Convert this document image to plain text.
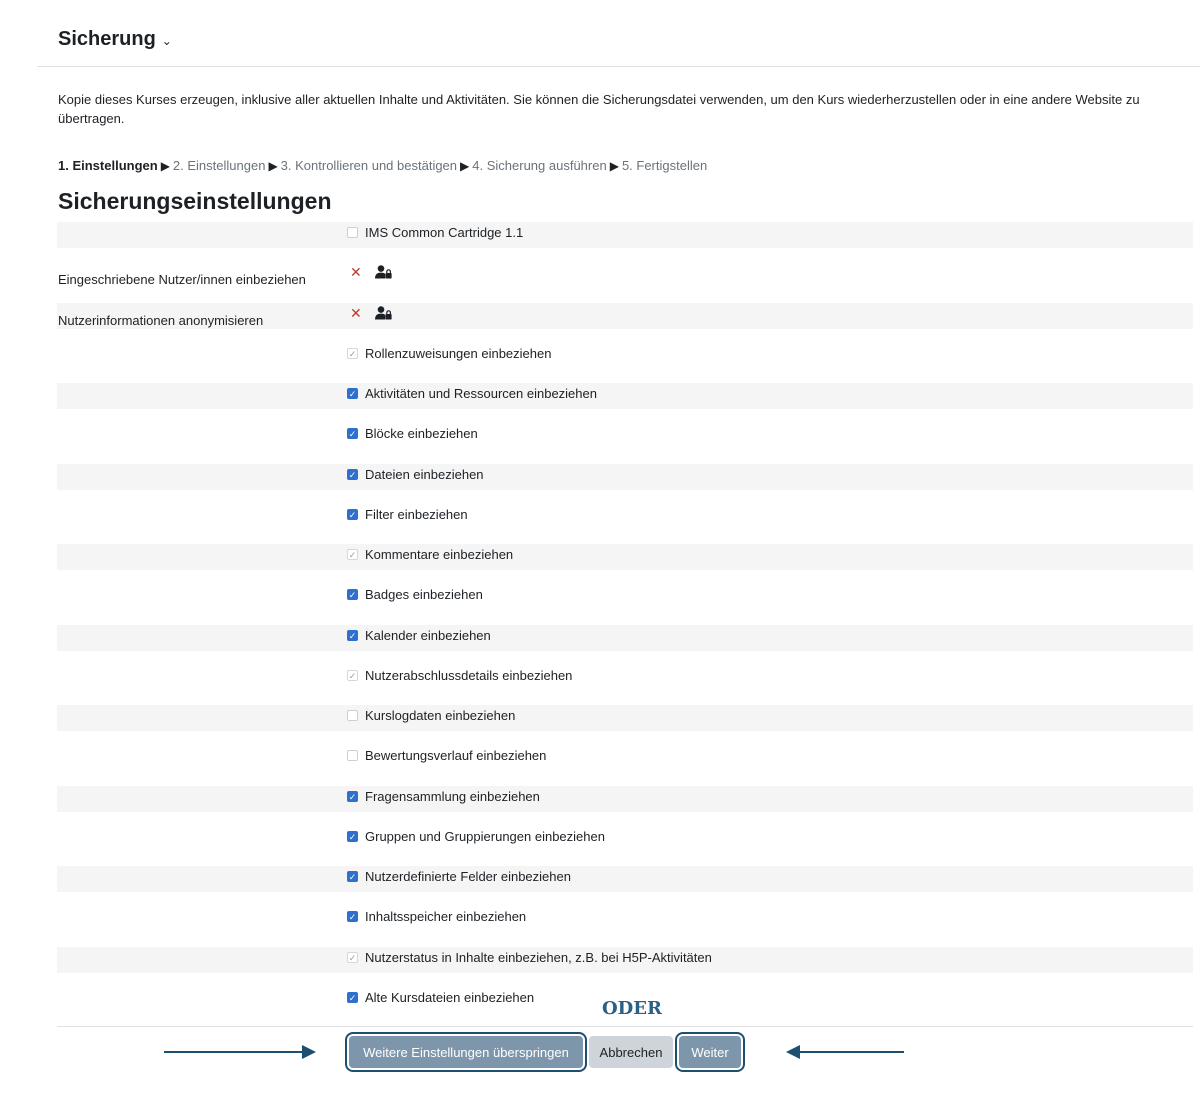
Sicherung ⌄
Kopie dieses Kurses erzeugen, inklusive aller aktuellen Inhalte und Aktivitäten. Sie können die Sicherungsdatei verwenden, um den Kurs wiederherzustellen oder in eine andere Website zu übertragen.
1. Einstellungen ▶ 2. Einstellungen ▶ 3. Kontrollieren und bestätigen ▶ 4. Sicherung ausführen ▶ 5. Fertigstellen
Sicherungseinstellungen
IMS Common Cartridge 1.1
Eingeschriebene Nutzer/innen einbeziehen	✕
Nutzerinformationen anonymisieren	✕
✓ Rollenzuweisungen einbeziehen
✓ Aktivitäten und Ressourcen einbeziehen
✓ Blöcke einbeziehen
✓ Dateien einbeziehen
✓ Filter einbeziehen
✓ Kommentare einbeziehen
✓ Badges einbeziehen
✓ Kalender einbeziehen
✓ Nutzerabschlussdetails einbeziehen
Kurslogdaten einbeziehen
Bewertungsverlauf einbeziehen
✓ Fragensammlung einbeziehen
✓ Gruppen und Gruppierungen einbeziehen
✓ Nutzerdefinierte Felder einbeziehen
✓ Inhaltsspeicher einbeziehen
✓ Nutzerstatus in Inhalte einbeziehen, z.B. bei H5P-Aktivitäten
✓ Alte Kursdateien einbeziehen
ODER
Weitere Einstellungen überspringen	Abbrechen	Weiter
